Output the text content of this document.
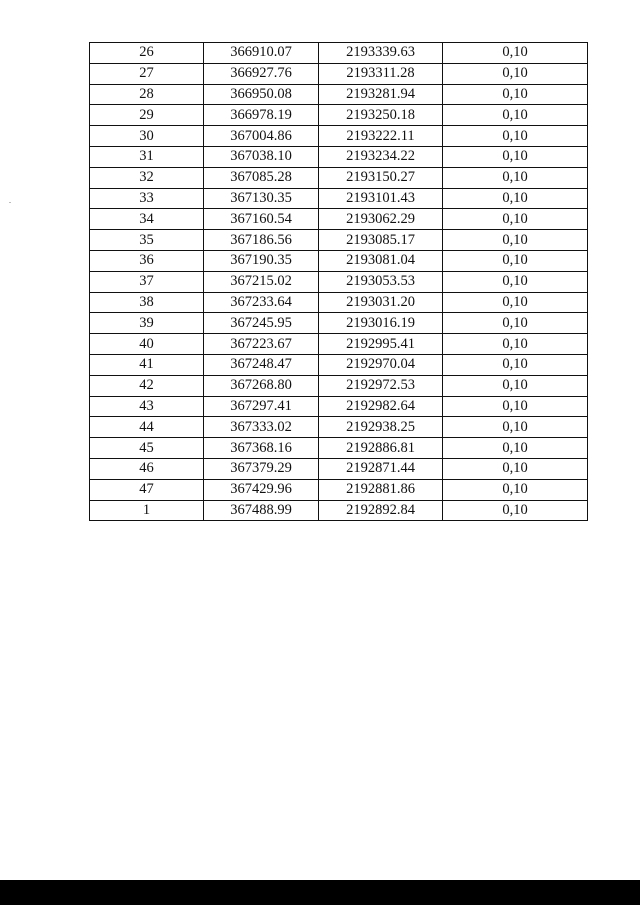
26	366910.07	2193339.63	0,10
27	366927.76	2193311.28	0,10
28	366950.08	2193281.94	0,10
29	366978.19	2193250.18	0,10
30	367004.86	2193222.11	0,10
31	367038.10	2193234.22	0,10
32	367085.28	2193150.27	0,10
33	367130.35	2193101.43	0,10
34	367160.54	2193062.29	0,10
35	367186.56	2193085.17	0,10
36	367190.35	2193081.04	0,10
37	367215.02	2193053.53	0,10
38	367233.64	2193031.20	0,10
39	367245.95	2193016.19	0,10
40	367223.67	2192995.41	0,10
41	367248.47	2192970.04	0,10
42	367268.80	2192972.53	0,10
43	367297.41	2192982.64	0,10
44	367333.02	2192938.25	0,10
45	367368.16	2192886.81	0,10
46	367379.29	2192871.44	0,10
47	367429.96	2192881.86	0,10
1	367488.99	2192892.84	0,10
